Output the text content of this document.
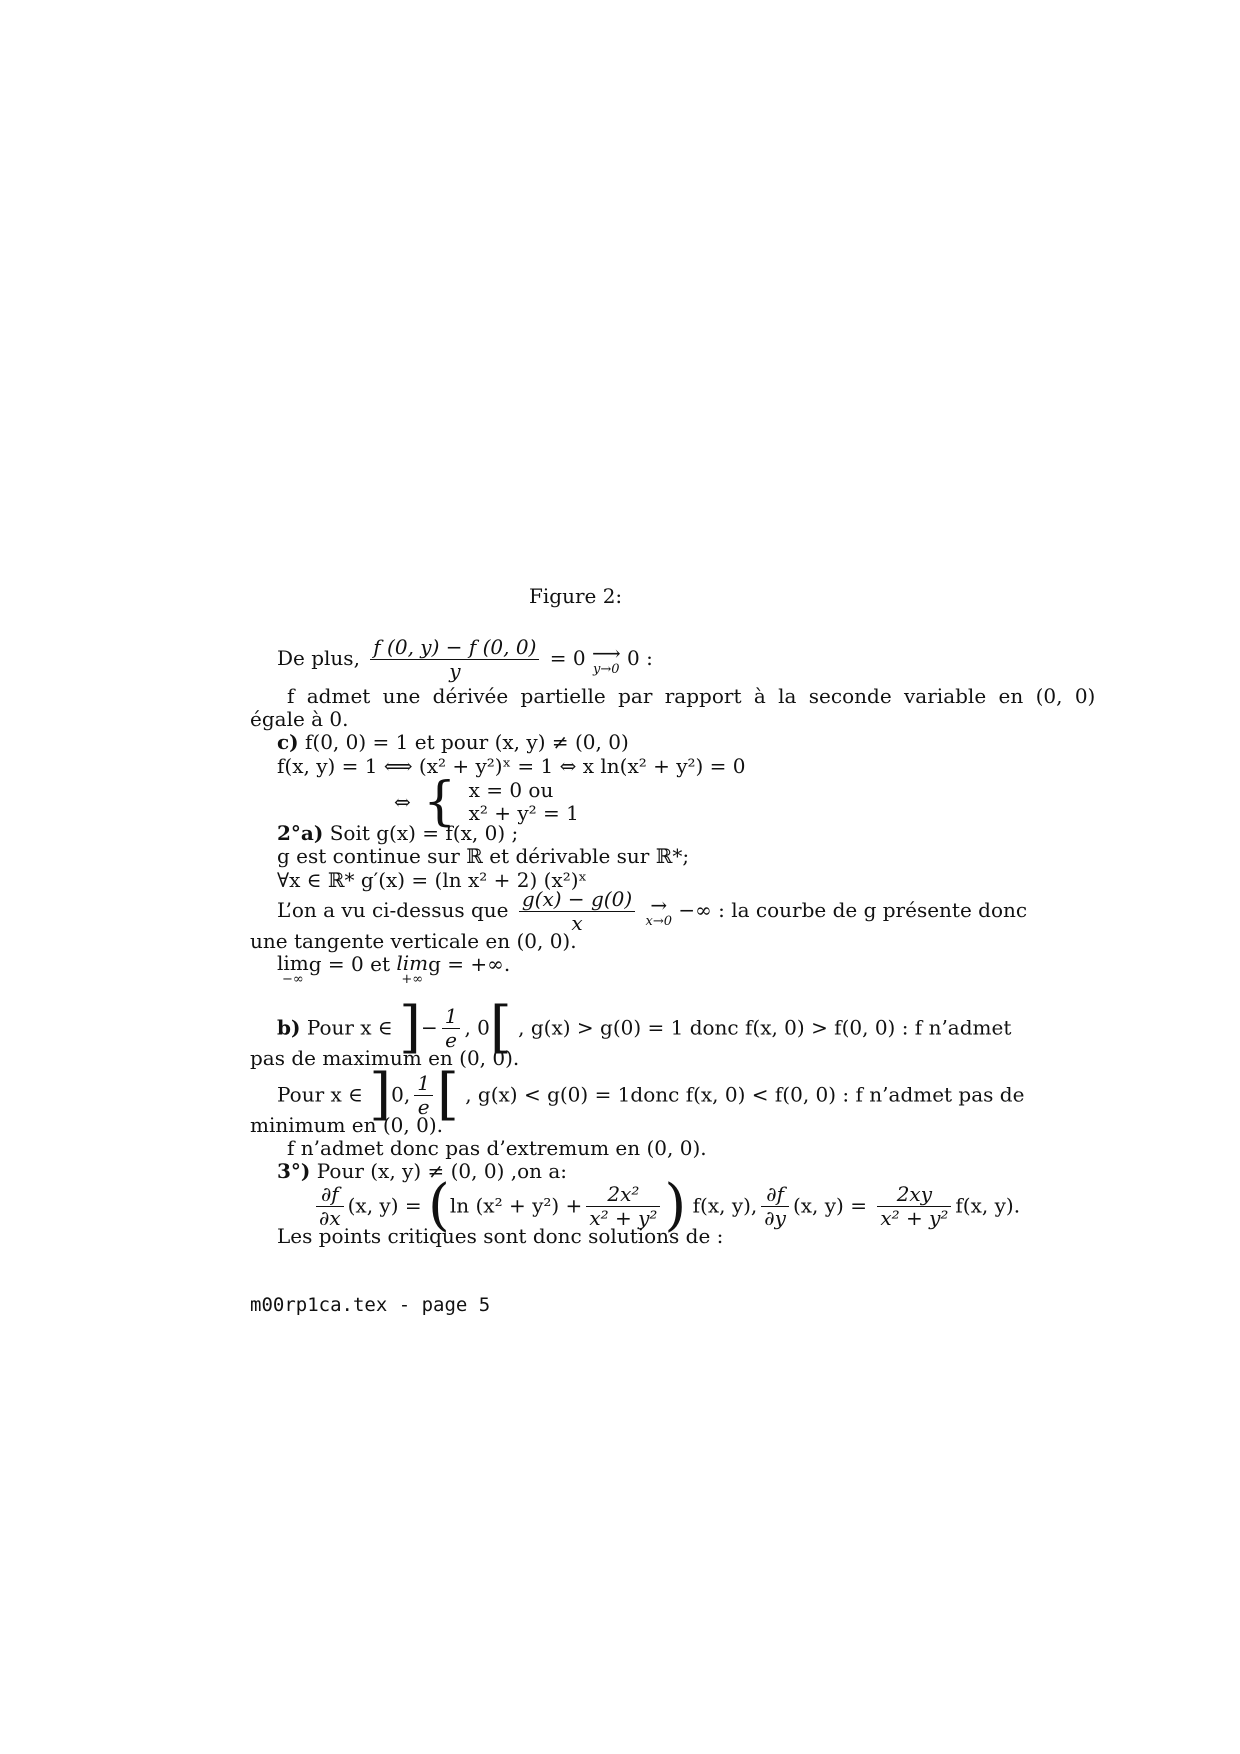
Figure 2:
De plus, $\frac{f (0, y) - f (0, 0)}{y} = 0$ ⟶
y→0 0 :
f admet une dérivée partielle par rapport à la seconde variable en (0, 0)
égale à 0.
c) f(0, 0) = 1 et pour (x, y) ≠ (0, 0)
f(x, y) = 1 ⟺ (x² + y²)ˣ = 1 ⇔ x ln(x² + y²) = 0
⇔ { x = 0 ou
x² + y² = 1
2°a) Soit g(x) = f(x, 0) ;
g est continue sur ℝ et dérivable sur ℝ*;
∀x ∈ ℝ* g′(x) = (ln x² + 2) (x²)ˣ
L’on a vu ci-dessus que $\frac{g(x) - g(0)}{x}$
→
x→0 −∞ : la courbe de g présente donc
une tangente verticale en (0, 0).
lim
−∞
g = 0 et lim
+∞
g = +∞.
b) Pour x ∈ ]− $\frac{1}{e}$ , 0[ , g(x) > g(0) = 1 donc f(x, 0) > f(0, 0) : f n’admet
pas de maximum en (0, 0).
Pour x ∈ ]0, $\frac{1}{e}$ [ , g(x) < g(0) = 1donc f(x, 0) < f(0, 0) : f n’admet pas de
minimum en (0, 0).
f n’admet donc pas d’extremum en (0, 0).
3°) Pour (x, y) ≠ (0, 0) ,on a:
$\frac{\partial f}{\partial x} (x$, y) = (ln $(x^2 + y^2) + \frac{\text{2x²}}{\text{x² + y²}}$ ) f(x, y), $\frac{\partial f}{\partial y} (x$, $y) = \frac{2xy}{\text{x² + y²}} f(x$, y).
Les points critiques sont donc solutions de :
m00rp1ca.tex - page 5
